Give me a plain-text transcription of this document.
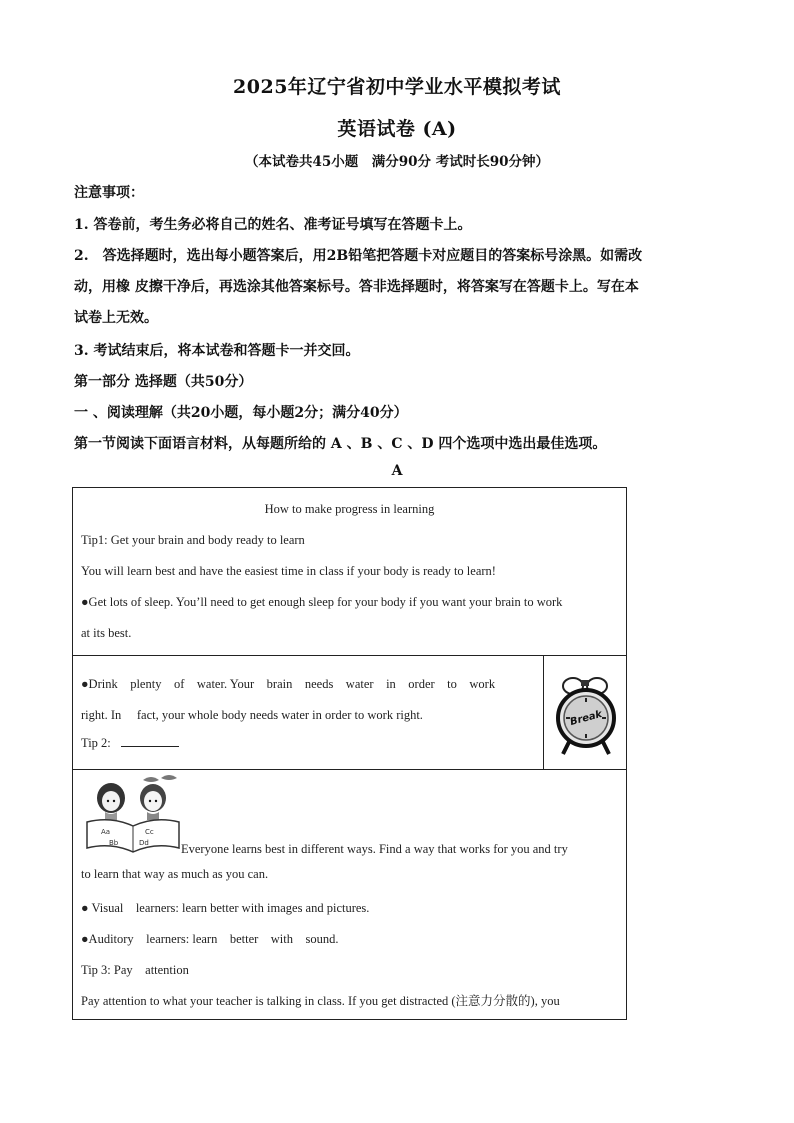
2025年辽宁省初中学业水平模拟考试
英语试卷 (A)
（本试卷共45小题　满分90分 考试时长90分钟）
注意事项：
1. 答卷前，考生务必将自己的姓名、准考证号填写在答题卡上。
2.　答选择题时，选出每小题答案后，用2B铅笔把答题卡对应题目的答案标号涂黑。如需改
动，用橡 皮擦干净后，再选涂其他答案标号。答非选择题时，将答案写在答题卡上。写在本
试卷上无效。
3. 考试结束后，将本试卷和答题卡一并交回。
第一部分 选择题（共50分）
一 、阅读理解（共20小题，每小题2分；满分40分）
第一节阅读下面语言材料，从每题所给的 A 、B 、C 、D 四个选项中选出最佳选项。
A
How to make progress in learning
Tip1: Get your brain and body ready to learn
You will learn best and have the easiest time in class if your body is ready to learn!
●Get lots of sleep. You’ll need to get enough sleep for your body if you want your brain to work
at its best.
●Drink　plenty　of　water. Your　brain　needs　water　in　order　to　work
right. In　 fact, your whole body needs water in order to work right.
Tip 2:
Break
Everyone learns best in different ways. Find a way that works for you and try
to learn that way as much as you can.
● Visual　learners: learn better with images and pictures.
●Auditory　learners: learn　better　with　sound.
Tip 3: Pay　attention
Pay attention to what your teacher is talking in class. If you get distracted (注意力分散的), you
Aa	Cc
Bb	Dd
